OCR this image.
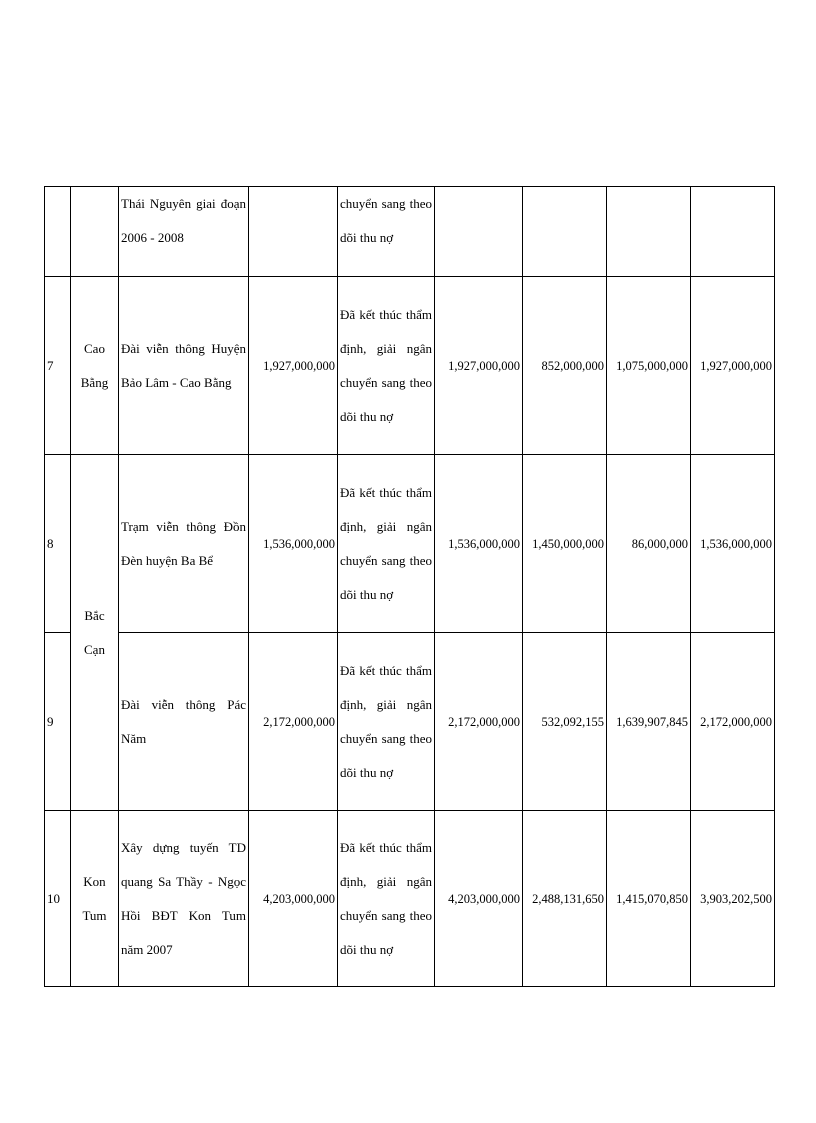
		Thái Nguyên giai đoạn 2006 - 2008		chuyển sang theo dõi thu nợ				
7	Cao Bằng	Đài viễn thông Huyện Bảo Lâm - Cao Bằng	1,927,000,000	Đã kết thúc thẩm định, giải ngân chuyển sang theo dõi thu nợ	1,927,000,000	852,000,000	1,075,000,000	1,927,000,000
8	Bắc Cạn	Trạm viễn thông Đồn Đèn huyện Ba Bể	1,536,000,000	Đã kết thúc thẩm định, giải ngân chuyển sang theo dõi thu nợ	1,536,000,000	1,450,000,000	86,000,000	1,536,000,000
9		Đài viễn thông Pác Năm	2,172,000,000	Đã kết thúc thẩm định, giải ngân chuyển sang theo dõi thu nợ	2,172,000,000	532,092,155	1,639,907,845	2,172,000,000
10	Kon Tum	Xây dựng tuyến TD quang Sa Thầy - Ngọc Hồi BĐT Kon Tum năm 2007	4,203,000,000	Đã kết thúc thẩm định, giải ngân chuyển sang theo dõi thu nợ	4,203,000,000	2,488,131,650	1,415,070,850	3,903,202,500
